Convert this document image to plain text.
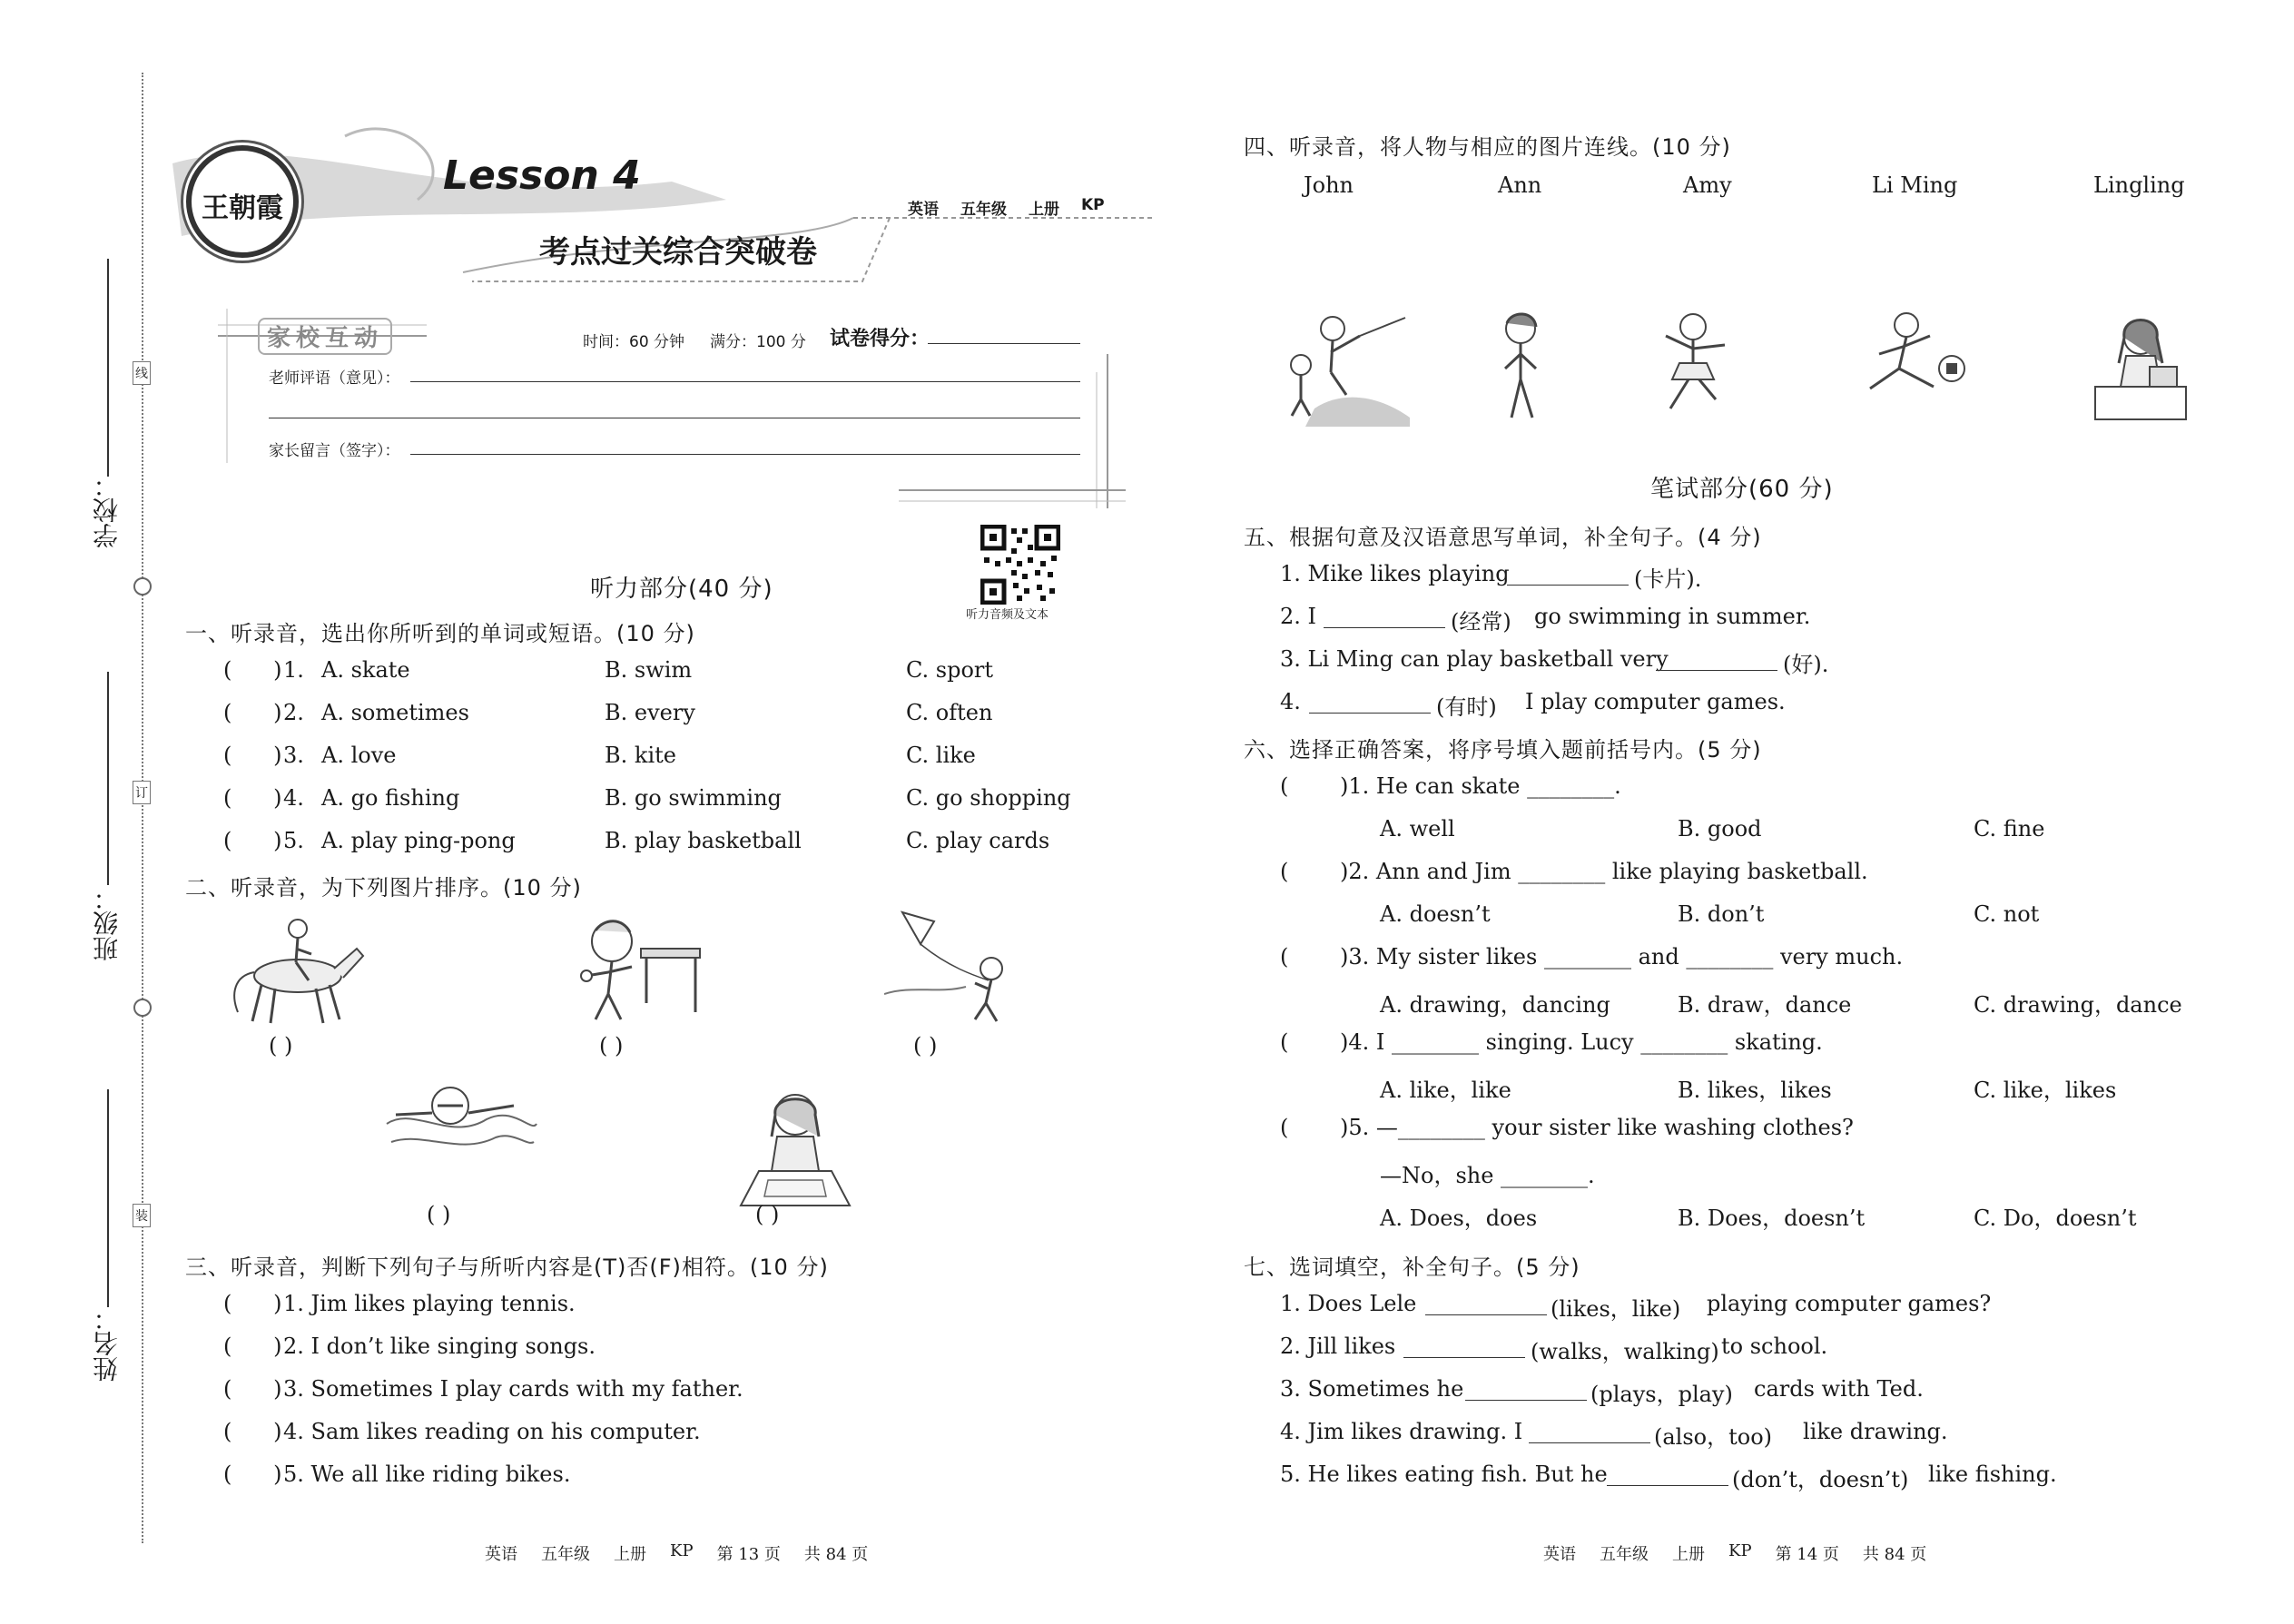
线
订
装
学校：
班级：
姓名：
王朝霞
Lesson 4
考点过关综合突破卷
英语 五年级 上册 KP
家校互动	时间：60 分钟 满分：100 分 试卷得分：
老师评语（意见）：
家长留言（签字）：
听力音频及文本
听力部分(40 分)
一、听录音，选出你所听到的单词或短语。(10 分)
(      ) 1. A. skate	B. swim	C. sport
(      ) 2. A. sometimes	B. every	C. often
(      ) 3. A. love	B. kite	C. like
(      ) 4. A. go fishing	B. go swimming	C. go shopping
(      ) 5. A. play ping-pong	B. play basketball	C. play cards
二、听录音，为下列图片排序。(10 分)
( )	( )	( )
( )	( )
三、听录音，判断下列句子与所听内容是(T)否(F)相符。(10 分)
(      ) 1. Jim likes playing tennis.
(      ) 2. I don’t like singing songs.
(      ) 3. Sometimes I play cards with my father.
(      ) 4. Sam likes reading on his computer.
(      ) 5. We all like riding bikes.
英语 五年级 上册 KP 第 13 页 共 84 页
四、听录音，将人物与相应的图片连线。(10 分)
John	Ann	Amy	Li Ming	Lingling
笔试部分(60 分)
五、根据句意及汉语意思写单词，补全句子。(4 分)
1. Mike likes playing	(卡片).
2. I	(经常) go swimming in summer.
3. Li Ming can play basketball very	(好).
4.	(有时) I play computer games.
六、选择正确答案，将序号填入题前括号内。(5 分)
( )1. He can skate ________.
A. well	B. good	C. fine
( )2. Ann and Jim ________ like playing basketball.
A. doesn’t	B. don’t	C. not
( )3. My sister likes ________ and ________ very much.
A. drawing，dancing	B. draw，dance	C. drawing，dance
( )4. I ________ singing. Lucy ________ skating.
A. like，like	B. likes，likes	C. like，likes
( )5. —________ your sister like washing clothes?
—No，she ________.
A. Does，does	B. Does，doesn’t	C. Do，doesn’t
七、选词填空，补全句子。(5 分)
1. Does Lele	(likes，like) playing computer games?
2. Jill likes	(walks，walking) to school.
3. Sometimes he	(plays，play) cards with Ted.
4. Jim likes drawing. I	(also，too) like drawing.
5. He likes eating fish. But he	(don’t，doesn’t) like fishing.
英语 五年级 上册 KP 第 14 页 共 84 页
